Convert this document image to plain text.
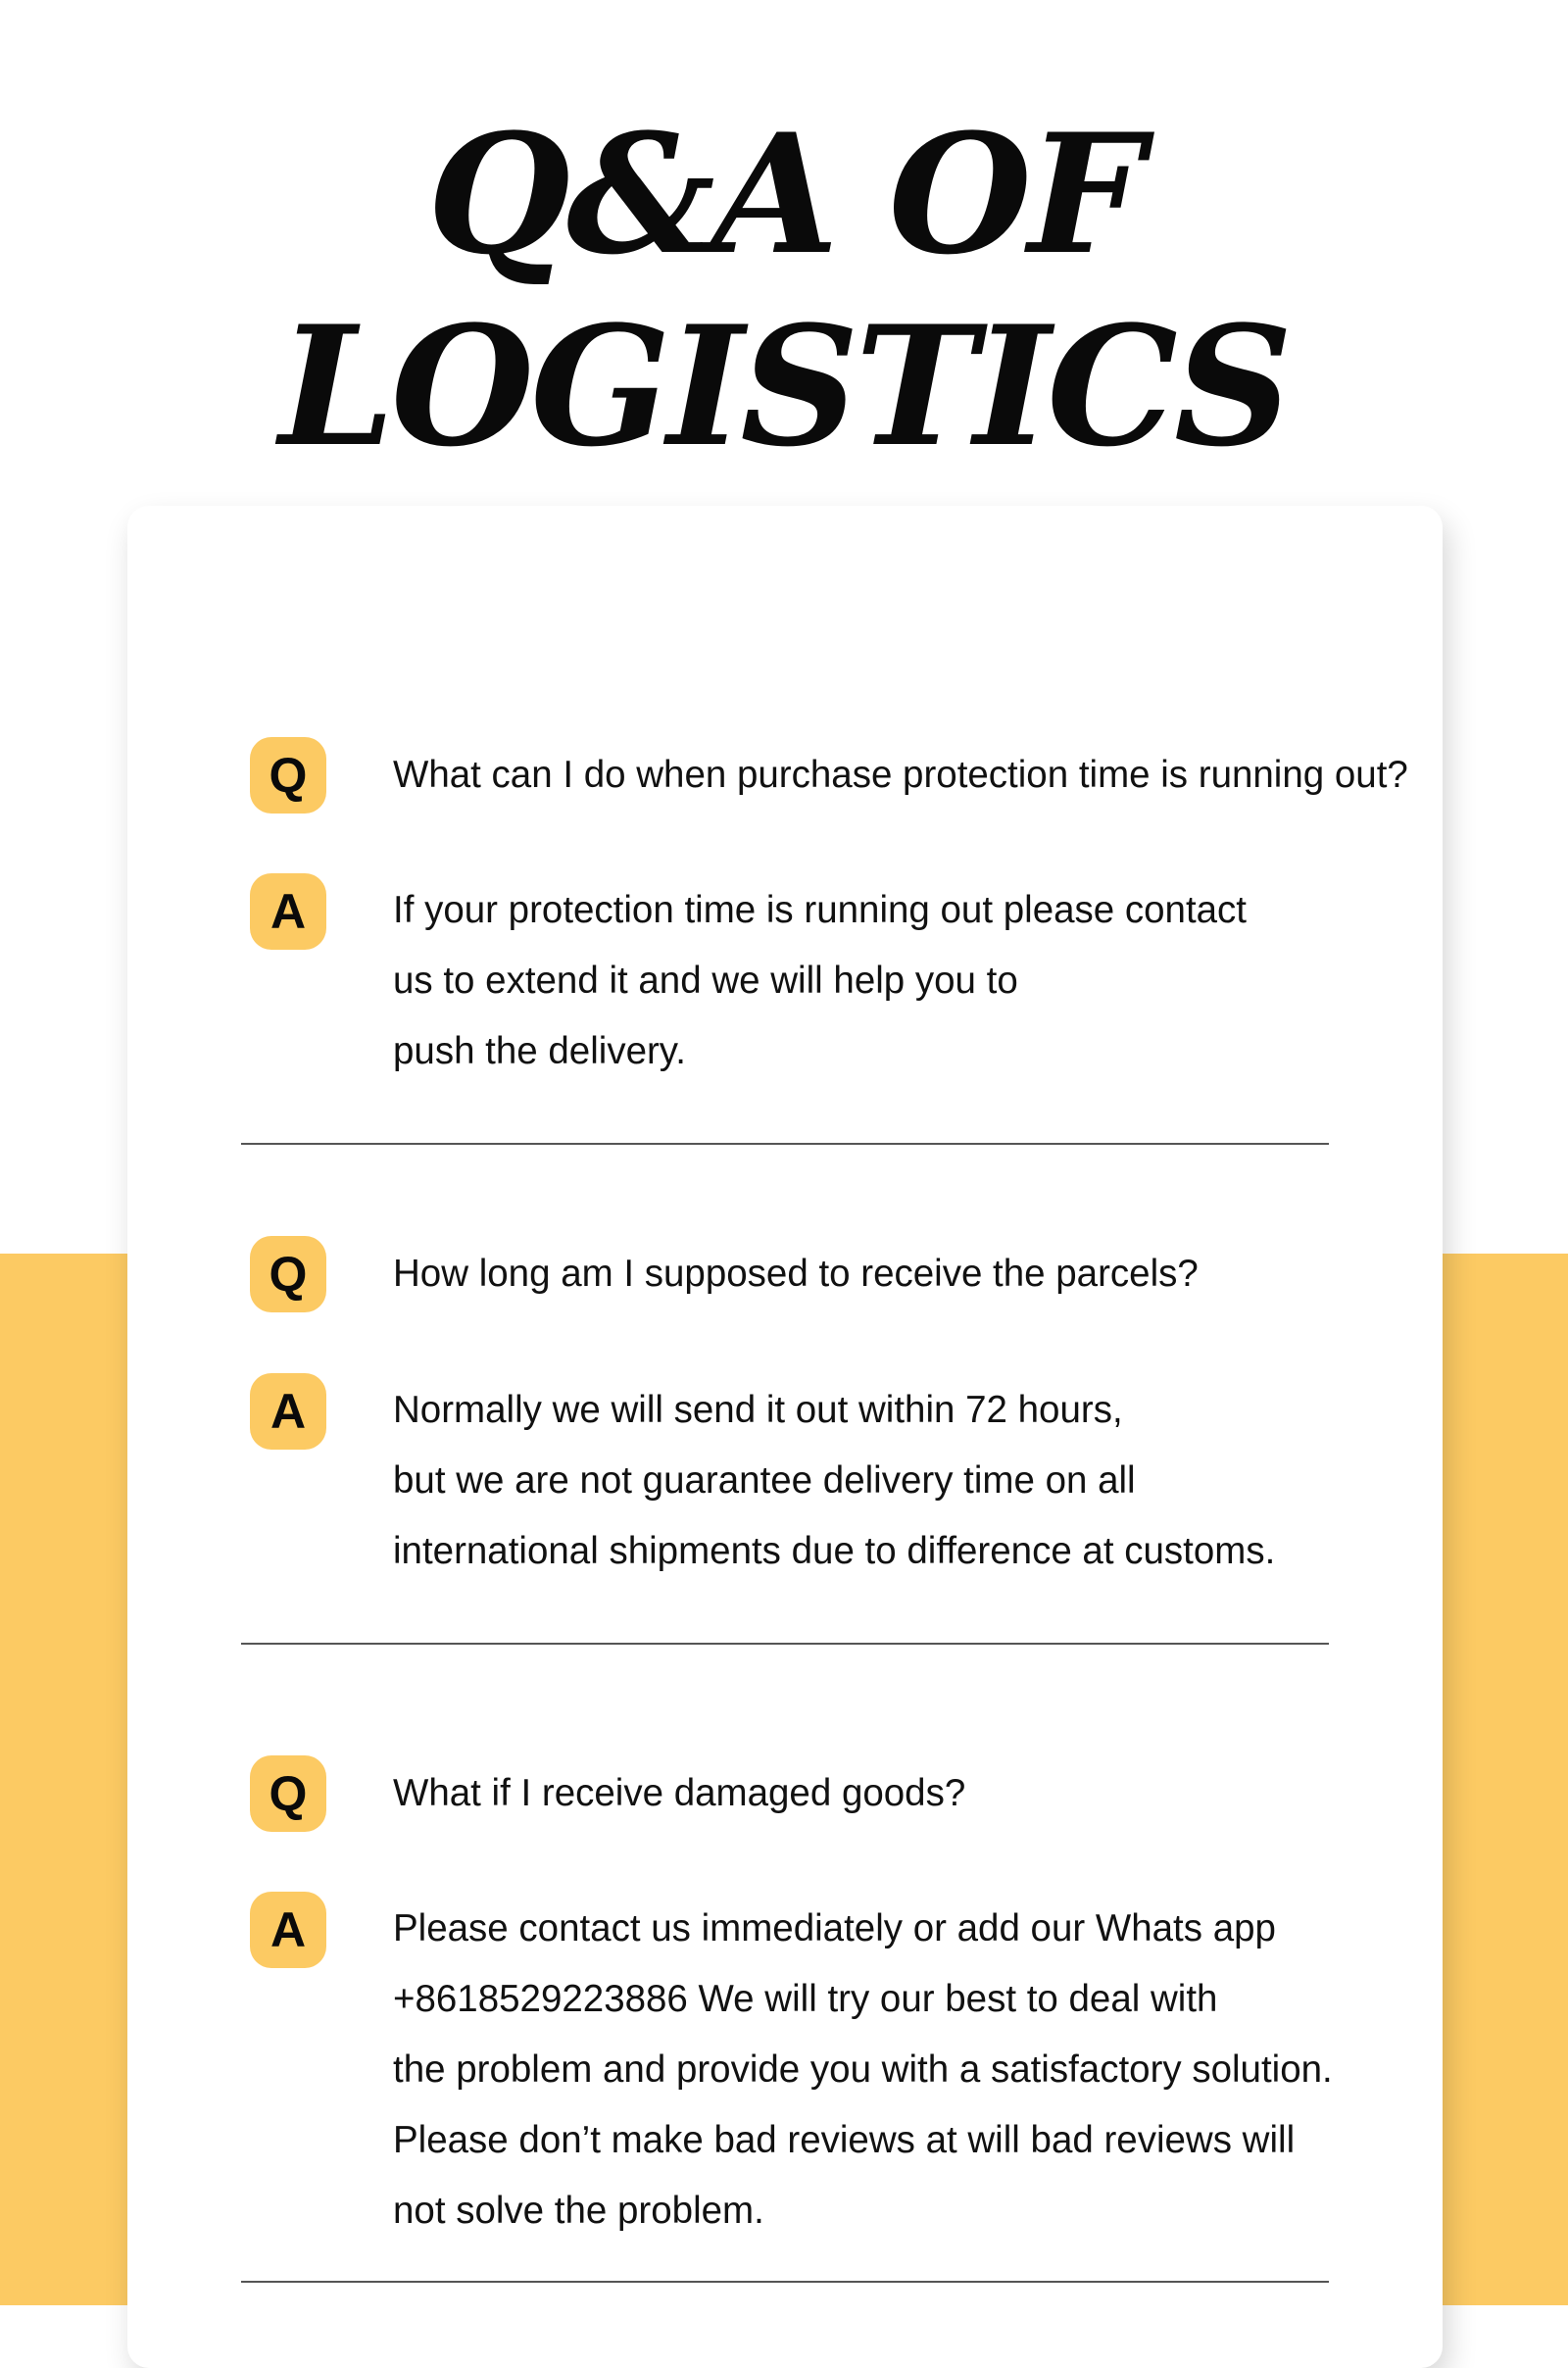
Q&A OF
LOGISTICS
Q	What can I do when purchase protection time is running out?
A	If your protection time is running out please contact
us to extend it and we will help you to
push the delivery.
Q	How long am I supposed to receive the parcels?
A	Normally we will send it out within 72 hours,
but we are not guarantee delivery time on all
international shipments due to difference at customs.
Q	What if I receive damaged goods?
A	Please contact us immediately or add our Whats app
+8618529223886 We will try our best to deal with
the problem and provide you with a satisfactory solution.
Please don’t make bad reviews at will bad reviews will
not solve the problem.
